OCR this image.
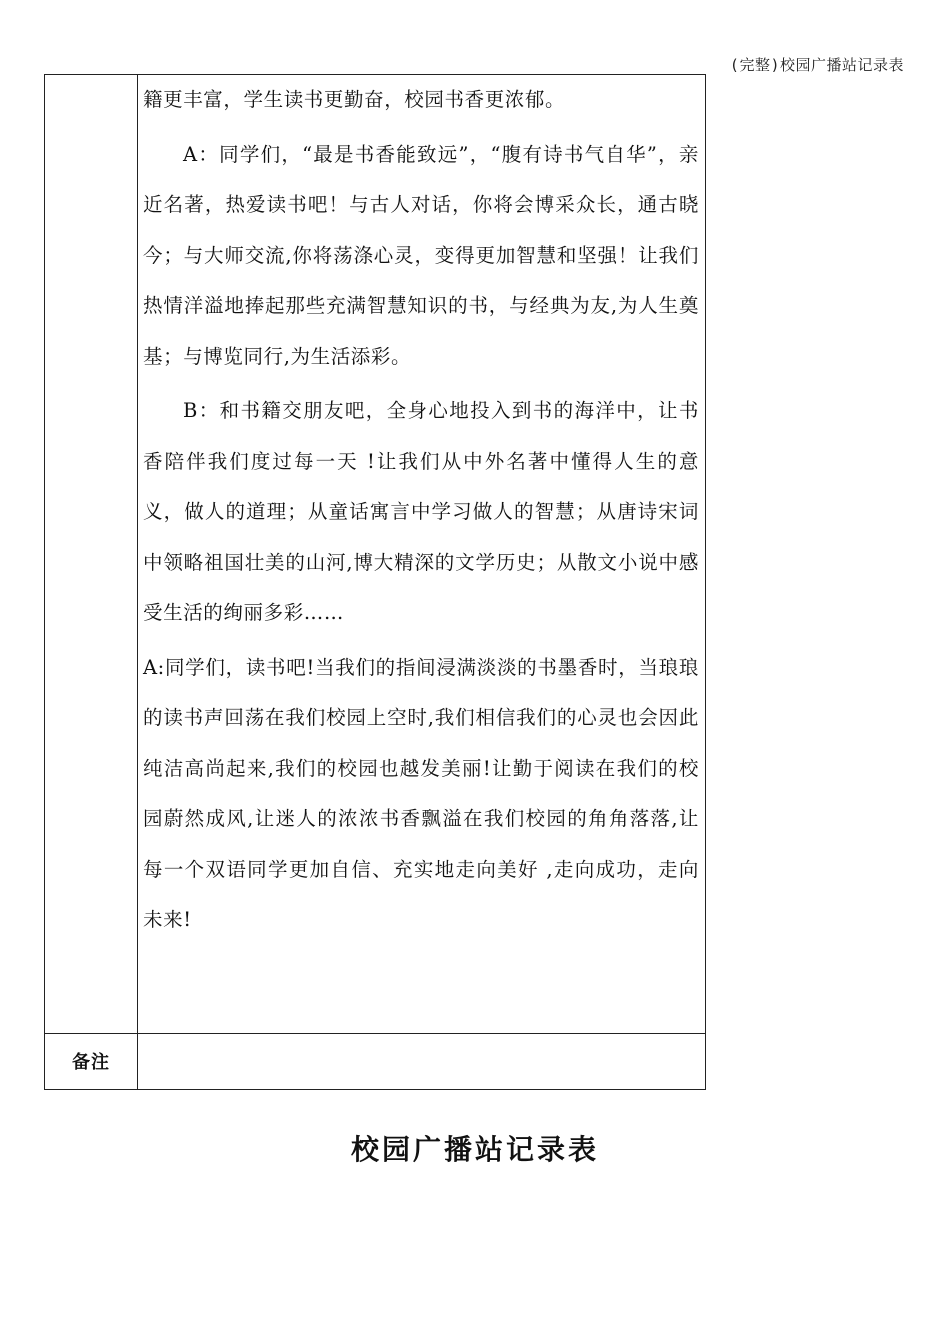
(完整)校园广播站记录表

籍更丰富，学生读书更勤奋，校园书香更浓郁。

A：同学们，“最是书香能致远”，“腹有诗书气自华”，亲近名著，热爱读书吧！与古人对话，你将会博采众长，通古晓今；与大师交流,你将荡涤心灵，变得更加智慧和坚强！让我们热情洋溢地捧起那些充满智慧知识的书，与经典为友,为人生奠基；与博览同行,为生活添彩。

B：和书籍交朋友吧，全身心地投入到书的海洋中，让书香陪伴我们度过每一天 !让我们从中外名著中懂得人生的意义，做人的道理；从童话寓言中学习做人的智慧；从唐诗宋词中领略祖国壮美的山河,博大精深的文学历史；从散文小说中感受生活的绚丽多彩……

A:同学们，读书吧!当我们的指间浸满淡淡的书墨香时，当琅琅的读书声回荡在我们校园上空时,我们相信我们的心灵也会因此纯洁高尚起来,我们的校园也越发美丽!让勤于阅读在我们的校园蔚然成风,让迷人的浓浓书香飘溢在我们校园的角角落落,让每一个双语同学更加自信、充实地走向美好 ,走向成功，走向未来!

备注
校园广播站记录表
